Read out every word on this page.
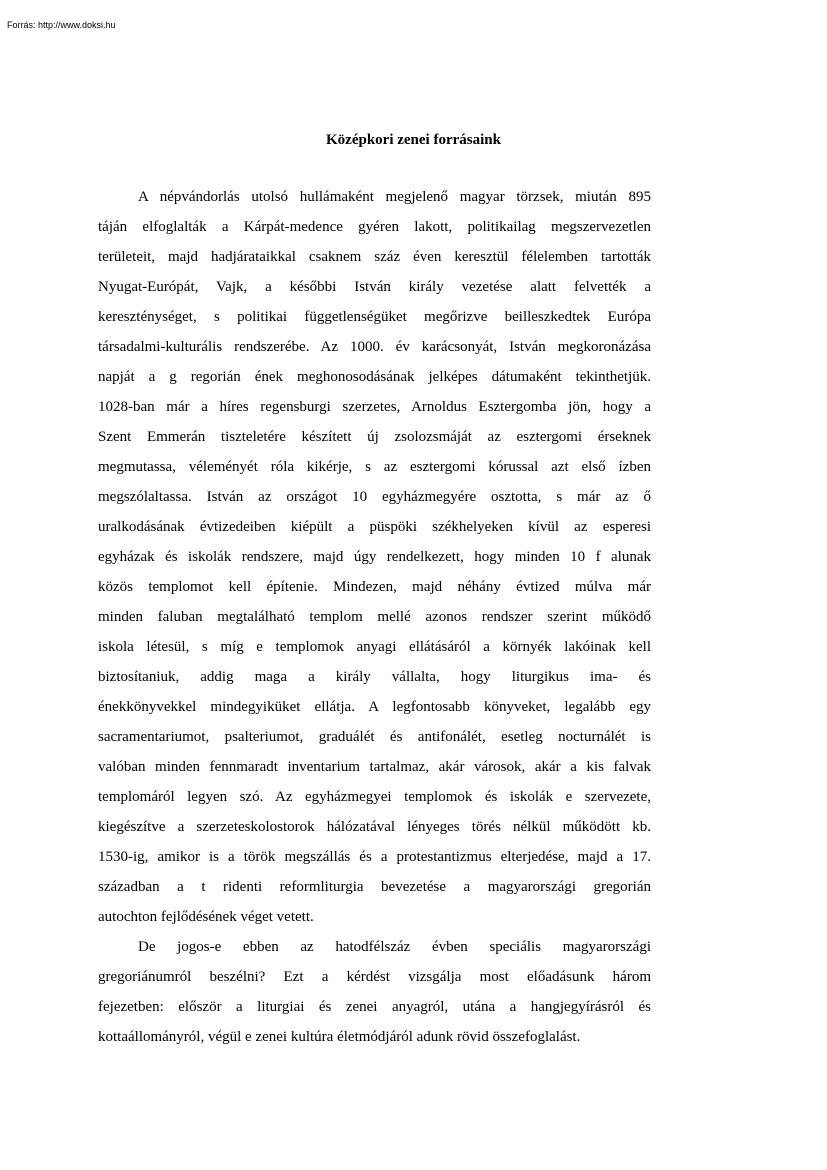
Forrás: http://www.doksi.hu
Középkori zenei forrásaink

A népvándorlás utolsó hullámaként megjelenő magyar törzsek, miután 895
táján elfoglalták a Kárpát-medence gyéren lakott, politikailag megszervezetlen
területeit, majd hadjárataikkal csaknem száz éven keresztül félelemben tartották
Nyugat-Európát, Vajk, a későbbi István király vezetése alatt felvették a
kereszténységet, s politikai függetlenségüket megőrizve beilleszkedtek Európa
társadalmi-kulturális rendszerébe. Az 1000. év karácsonyát, István megkoronázása
napját a g regorián ének meghonosodásának jelképes dátumaként tekinthetjük.
1028-ban már a híres regensburgi szerzetes, Arnoldus Esztergomba jön, hogy a
Szent Emmerán tiszteletére készített új zsolozsmáját az esztergomi érseknek
megmutassa, véleményét róla kikérje, s az esztergomi kórussal azt első ízben
megszólaltassa. István az országot 10 egyházmegyére osztotta, s már az ő
uralkodásának évtizedeiben kiépült a püspöki székhelyeken kívül az esperesi
egyházak és iskolák rendszere, majd úgy rendelkezett, hogy minden 10 f alunak
közös templomot kell építenie. Mindezen, majd néhány évtized múlva már
minden faluban megtalálható templom mellé azonos rendszer szerint működő
iskola létesül, s míg e templomok anyagi ellátásáról a környék lakóinak kell
biztosítaniuk, addig maga a király vállalta, hogy liturgikus ima- és
énekkönyvekkel mindegyiküket ellátja. A legfontosabb könyveket, legalább egy
sacramentariumot, psalteriumot, graduálét és antifonálét, esetleg nocturnálét is
valóban minden fennmaradt inventarium tartalmaz, akár városok, akár a kis falvak
templomáról legyen szó. Az egyházmegyei templomok és iskolák e szervezete,
kiegészítve a szerzeteskolostorok hálózatával lényeges törés nélkül működött kb.
1530-ig, amikor is a török megszállás és a protestantizmus elterjedése, majd a 17.
században a t ridenti reformliturgia bevezetése a magyarországi gregorián
autochton fejlődésének véget vetett.

De jogos-e ebben az hatodfélszáz évben speciális magyarországi
gregoriánumról beszélni? Ezt a kérdést vizsgálja most előadásunk három
fejezetben: először a liturgiai és zenei anyagról, utána a hangjegyírásról és
kottaállományról, végül e zenei kultúra életmódjáról adunk rövid összefoglalást.
